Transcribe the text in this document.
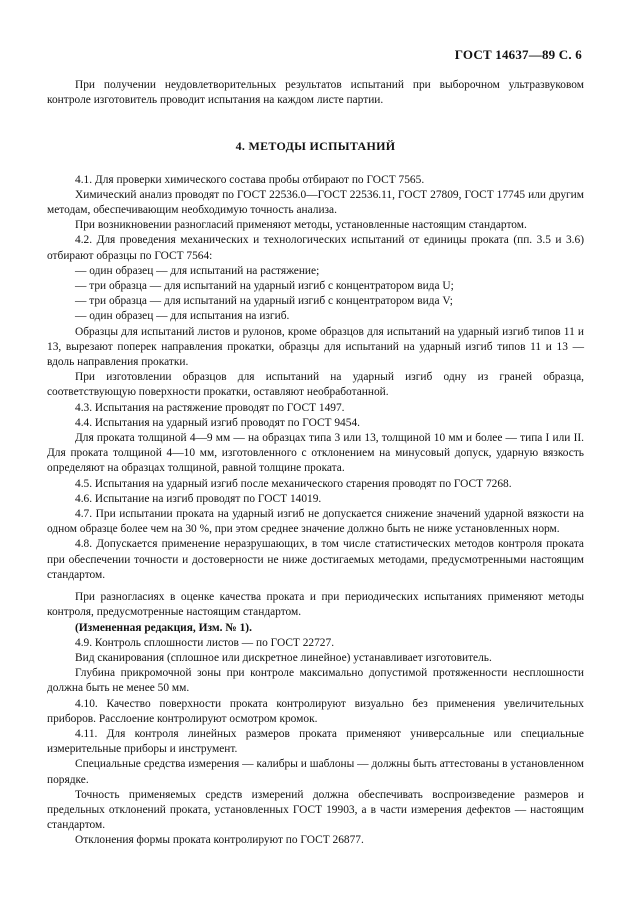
ГОСТ 14637—89 С. 6

При получении неудовлетворительных результатов испытаний при выборочном ультразвуковом контроле изготовитель проводит испытания на каждом листе партии.

4. МЕТОДЫ ИСПЫТАНИЙ

4.1. Для проверки химического состава пробы отбирают по ГОСТ 7565.

Химический анализ проводят по ГОСТ 22536.0—ГОСТ 22536.11, ГОСТ 27809, ГОСТ 17745 или другим методам, обеспечивающим необходимую точность анализа.

При возникновении разногласий применяют методы, установленные настоящим стандартом.

4.2. Для проведения механических и технологических испытаний от единицы проката (пп. 3.5 и 3.6) отбирают образцы по ГОСТ 7564:

— один образец — для испытаний на растяжение;

— три образца — для испытаний на ударный изгиб с концентратором вида U;

— три образца — для испытаний на ударный изгиб с концентратором вида V;

— один образец — для испытания на изгиб.

Образцы для испытаний листов и рулонов, кроме образцов для испытаний на ударный изгиб типов 11 и 13, вырезают поперек направления прокатки, образцы для испытаний на ударный изгиб типов 11 и 13 — вдоль направления прокатки.

При изготовлении образцов для испытаний на ударный изгиб одну из граней образца, соответствующую поверхности прокатки, оставляют необработанной.

4.3. Испытания на растяжение проводят по ГОСТ 1497.

4.4. Испытания на ударный изгиб проводят по ГОСТ 9454.

Для проката толщиной 4—9 мм — на образцах типа 3 или 13, толщиной 10 мм и более — типа I или II. Для проката толщиной 4—10 мм, изготовленного с отклонением на минусовый допуск, ударную вязкость определяют на образцах толщиной, равной толщине проката.

4.5. Испытания на ударный изгиб после механического старения проводят по ГОСТ 7268.

4.6. Испытание на изгиб проводят по ГОСТ 14019.

4.7. При испытании проката на ударный изгиб не допускается снижение значений ударной вязкости на одном образце более чем на 30 %, при этом среднее значение должно быть не ниже установленных норм.

4.8. Допускается применение неразрушающих, в том числе статистических методов контроля проката при обеспечении точности и достоверности не ниже достигаемых методами, предусмотренными настоящим стандартом.

При разногласиях в оценке качества проката и при периодических испытаниях применяют методы контроля, предусмотренные настоящим стандартом.

(Измененная редакция, Изм. № 1).

4.9. Контроль сплошности листов — по ГОСТ 22727.

Вид сканирования (сплошное или дискретное линейное) устанавливает изготовитель.

Глубина прикромочной зоны при контроле максимально допустимой протяженности несплошности должна быть не менее 50 мм.

4.10. Качество поверхности проката контролируют визуально без применения увеличительных приборов. Расслоение контролируют осмотром кромок.

4.11. Для контроля линейных размеров проката применяют универсальные или специальные измерительные приборы и инструмент.

Специальные средства измерения — калибры и шаблоны — должны быть аттестованы в установленном порядке.

Точность применяемых средств измерений должна обеспечивать воспроизведение размеров и предельных отклонений проката, установленных ГОСТ 19903, а в части измерения дефектов — настоящим стандартом.

Отклонения формы проката контролируют по ГОСТ 26877.
